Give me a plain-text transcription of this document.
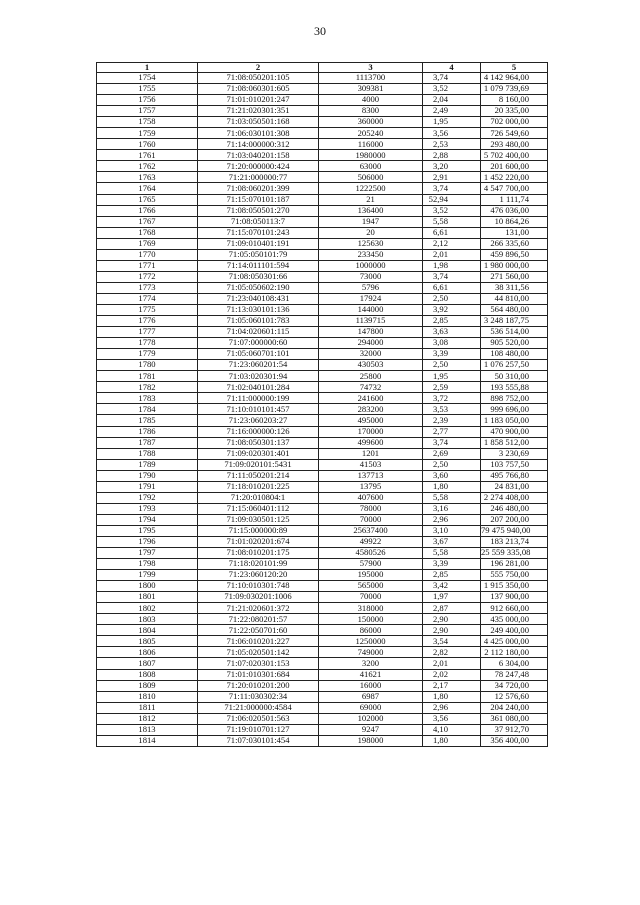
30
1	2	3	4	5
1754	71:08:050201:105	1113700	3,74	4 142 964,00
1755	71:08:060301:605	309381	3,52	1 079 739,69
1756	71:01:010201:247	4000	2,04	8 160,00
1757	71:21:020301:351	8300	2,49	20 335,00
1758	71:03:050501:168	360000	1,95	702 000,00
1759	71:06:030101:308	205240	3,56	726 549,60
1760	71:14:000000:312	116000	2,53	293 480,00
1761	71:03:040201:158	1980000	2,88	5 702 400,00
1762	71:20:000000:424	63000	3,20	201 600,00
1763	71:21:000000:77	506000	2,91	1 452 220,00
1764	71:08:060201:399	1222500	3,74	4 547 700,00
1765	71:15:070101:187	21	52,94	1 111,74
1766	71:08:050501:270	136400	3,52	476 036,00
1767	71:08:050113:7	1947	5,58	10 864,26
1768	71:15:070101:243	20	6,61	131,00
1769	71:09:010401:191	125630	2,12	266 335,60
1770	71:05:050101:79	233450	2,01	459 896,50
1771	71:14:011101:594	1000000	1,98	1 980 000,00
1772	71:08:050301:66	73000	3,74	271 560,00
1773	71:05:050602:190	5796	6,61	38 311,56
1774	71:23:040108:431	17924	2,50	44 810,00
1775	71:13:030101:136	144000	3,92	564 480,00
1776	71:05:060101:783	1139715	2,85	3 248 187,75
1777	71:04:020601:115	147800	3,63	536 514,00
1778	71:07:000000:60	294000	3,08	905 520,00
1779	71:05:060701:101	32000	3,39	108 480,00
1780	71:23:060201:54	430503	2,50	1 076 257,50
1781	71:03:020301:94	25800	1,95	50 310,00
1782	71:02:040101:284	74732	2,59	193 555,88
1783	71:11:000000:199	241600	3,72	898 752,00
1784	71:10:010101:457	283200	3,53	999 696,00
1785	71:23:060203:27	495000	2,39	1 183 050,00
1786	71:16:000000:126	170000	2,77	470 900,00
1787	71:08:050301:137	499600	3,74	1 858 512,00
1788	71:09:020301:401	1201	2,69	3 230,69
1789	71:09:020101:5431	41503	2,50	103 757,50
1790	71:11:050201:214	137713	3,60	495 766,80
1791	71:18:010201:225	13795	1,80	24 831,00
1792	71:20:010804:1	407600	5,58	2 274 408,00
1793	71:15:060401:112	78000	3,16	246 480,00
1794	71:09:030501:125	70000	2,96	207 200,00
1795	71:15:000000:89	25637400	3,10	79 475 940,00
1796	71:01:020201:674	49922	3,67	183 213,74
1797	71:08:010201:175	4580526	5,58	25 559 335,08
1798	71:18:020101:99	57900	3,39	196 281,00
1799	71:23:060120:20	195000	2,85	555 750,00
1800	71:10:010301:748	565000	3,42	1 915 350,00
1801	71:09:030201:1006	70000	1,97	137 900,00
1802	71:21:020601:372	318000	2,87	912 660,00
1803	71:22:080201:57	150000	2,90	435 000,00
1804	71:22:050701:60	86000	2,90	249 400,00
1805	71:06:010201:227	1250000	3,54	4 425 000,00
1806	71:05:020501:142	749000	2,82	2 112 180,00
1807	71:07:020301:153	3200	2,01	6 304,00
1808	71:01:010301:684	41621	2,02	78 247,48
1809	71:20:010201:200	16000	2,17	34 720,00
1810	71:11:030302:34	6987	1,80	12 576,60
1811	71:21:000000:4584	69000	2,96	204 240,00
1812	71:06:020501:563	102000	3,56	361 080,00
1813	71:19:010701:127	9247	4,10	37 912,70
1814	71:07:030101:454	198000	1,80	356 400,00
